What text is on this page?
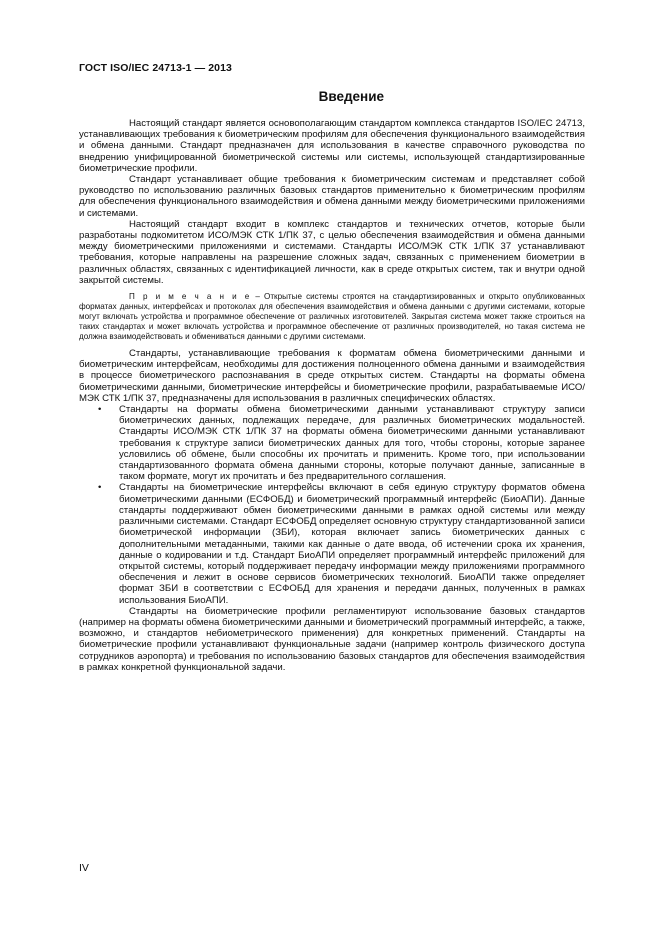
ГОСТ ISO/IEC 24713-1 — 2013
Введение

Настоящий стандарт является основополагающим стандартом комплекса стандартов ISO/IEC 24713, устанавливающих требования к биометрическим профилям для обеспечения функционального взаимодействия и обмена данными. Стандарт предназначен для использования в качестве справочного руководства по внедрению унифицированной биометрической системы или системы, использующей стандартизированные биометрические профили.

Стандарт устанавливает общие требования к биометрическим системам и представляет собой руководство по использованию различных базовых стандартов применительно к биометрическим профилям для обеспечения функционального взаимодействия и обмена данными между биометрическими приложениями и системами.

Настоящий стандарт входит в комплекс стандартов и технических отчетов, которые были разработаны подкомитетом ИСО/МЭК СТК 1/ПК 37, с целью обеспечения взаимодействия и обмена данными между биометрическими приложениями и системами. Стандарты ИСО/МЭК СТК 1/ПК 37 устанавливают требования, которые направлены на разрешение сложных задач, связанных с применением биометрии в различных областях, связанных с идентификацией личности, как в среде открытых систем, так и внутри одной закрытой системы.

П р и м е ч а н и е – Открытые системы строятся на стандартизированных и открыто опубликованных форматах данных, интерфейсах и протоколах для обеспечения взаимодействия и обмена данными с другими системами, которые могут включать устройства и программное обеспечение от различных изготовителей. Закрытая система может также строиться на таких стандартах и может включать устройства и программное обеспечение от различных производителей, но такая система не должна взаимодействовать и обмениваться данными с другими системами.

Стандарты, устанавливающие требования к форматам обмена биометрическими данными и биометрическим интерфейсам, необходимы для достижения полноценного обмена данными и взаимодействия в процессе биометрического распознавания в среде открытых систем. Стандарты на форматы обмена биометрическими данными, биометрические интерфейсы и биометрические профили, разрабатываемые ИСО/МЭК СТК 1/ПК 37, предназначены для использования в различных специфических областях.

• Стандарты на форматы обмена биометрическими данными устанавливают структуру записи биометрических данных, подлежащих передаче, для различных биометрических модальностей. Стандарты ИСО/МЭК СТК 1/ПК 37 на форматы обмена биометрическими данными устанавливают требования к структуре записи биометрических данных для того, чтобы стороны, которые заранее условились об обмене, были способны их прочитать и применить. Кроме того, при использовании стандартизованного формата обмена данными стороны, которые получают данные, записанные в таком формате, могут их прочитать и без предварительного соглашения.
• Стандарты на биометрические интерфейсы включают в себя единую структуру форматов обмена биометрическими данными (ЕСФОБД) и биометрический программный интерфейс (БиоАПИ). Данные стандарты поддерживают обмен биометрическими данными в рамках одной системы или между различными системами. Стандарт ЕСФОБД определяет основную структуру стандартизованной записи биометрической информации (ЗБИ), которая включает запись биометрических данных с дополнительными метаданными, такими как данные о дате ввода, об истечении срока их хранения, данные о кодировании и т.д. Стандарт БиоАПИ определяет программный интерфейс приложений для открытой системы, который поддерживает передачу информации между приложениями программного обеспечения и лежит в основе сервисов биометрических технологий. БиоАПИ также определяет формат ЗБИ в соответствии с ЕСФОБД для хранения и передачи данных, полученных в рамках использования БиоАПИ.

Стандарты на биометрические профили регламентируют использование базовых стандартов (например на форматы обмена биометрическими данными и биометрический программный интерфейс, а также, возможно, и стандартов небиометрического применения) для конкретных применений. Стандарты на биометрические профили устанавливают функциональные задачи (например контроль физического доступа сотрудников аэропорта) и требования по использованию базовых стандартов для обеспечения взаимодействия в рамках конкретной функциональной задачи.

IV
